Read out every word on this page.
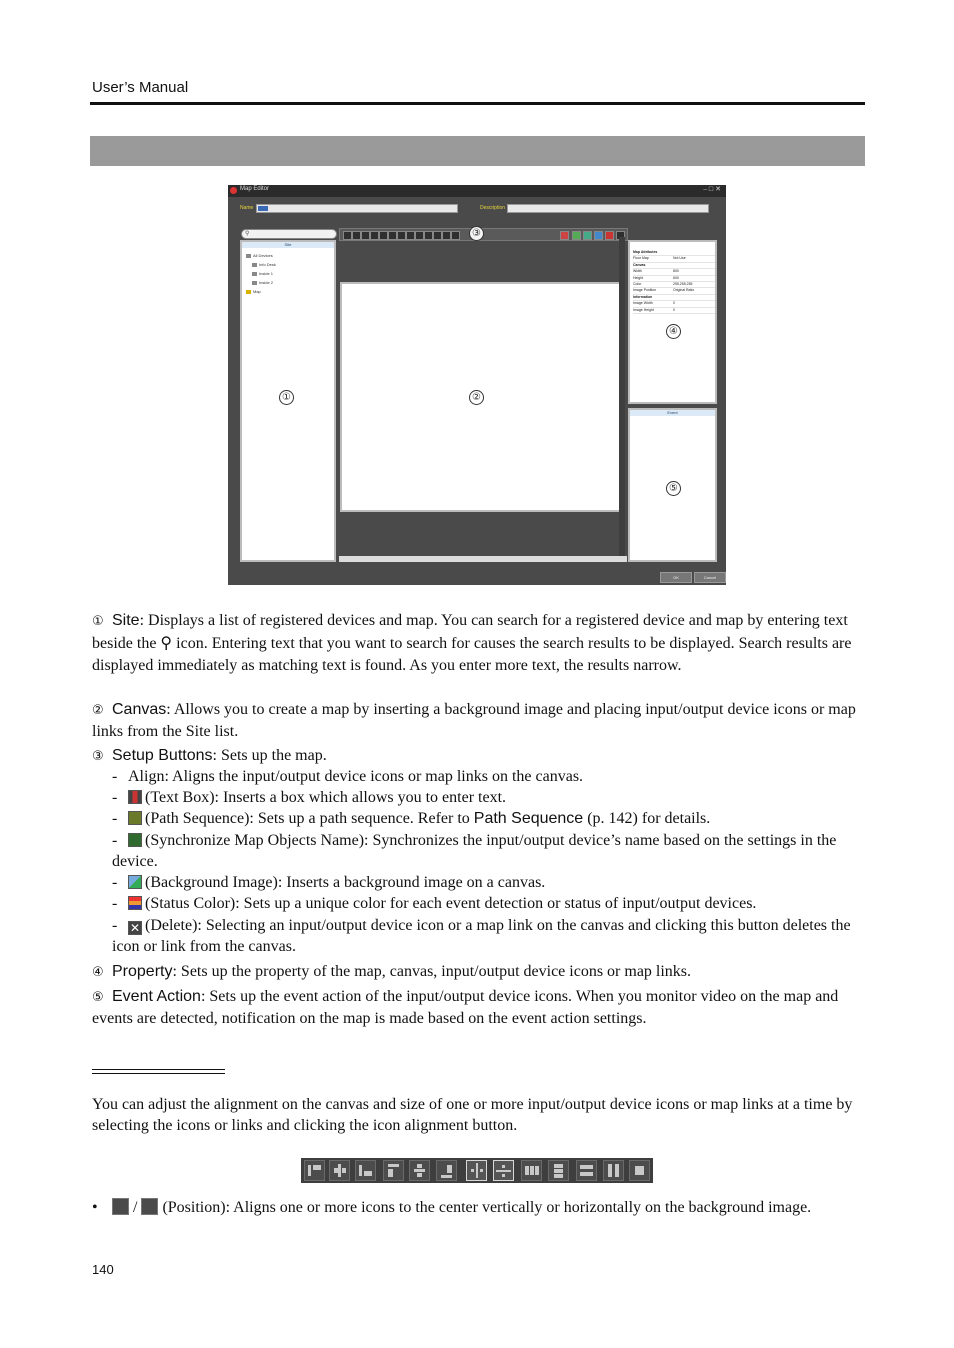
User’s Manual
Map Editor	–□✕
Name	Description
⚲
Site
All Devices
Info Desk
Inside 1
Inside 2
Map
Map Attributes
Floor Map	Not Use
Canvas
Width	800
Height	600
Color	255,255,255
Image Position	Original Ratio
Information
Image Width	0
Image Height	0
Event
①	②
③
④
⑤
OK	Cancel
① Site: Displays a list of registered devices and map. You can search for a registered device and map by entering text beside the ⚲ icon. Entering text that you want to search for causes the search results to be displayed. Search results are displayed immediately as matching text is found. As you enter more text, the results narrow.
② Canvas: Allows you to create a map by inserting a background image and placing input/output device icons or map links from the Site list.
③ Setup Buttons: Sets up the map.
- Align: Aligns the input/output device icons or map links on the canvas.
- (Text Box): Inserts a box which allows you to enter text.
- (Path Sequence): Sets up a path sequence. Refer to Path Sequence (p. 142) for details.
- (Synchronize Map Objects Name): Synchronizes the input/output device’s name based on the settings in the device.
- (Background Image): Inserts a background image on a canvas.
- (Status Color): Sets up a unique color for each event detection or status of input/output devices.
- ✕ (Delete): Selecting an input/output device icon or a map link on the canvas and clicking this button deletes the icon or link from the canvas.
④ Property: Sets up the property of the map, canvas, input/output device icons or map links.
⑤ Event Action: Sets up the event action of the input/output device icons. When you monitor video on the map and events are detected, notification on the map is made based on the event action settings.
You can adjust the alignment on the canvas and size of one or more input/output device icons or map links at a time by selecting the icons or links and clicking the icon alignment button.
• / (Position): Aligns one or more icons to the center vertically or horizontally on the background image.
140
